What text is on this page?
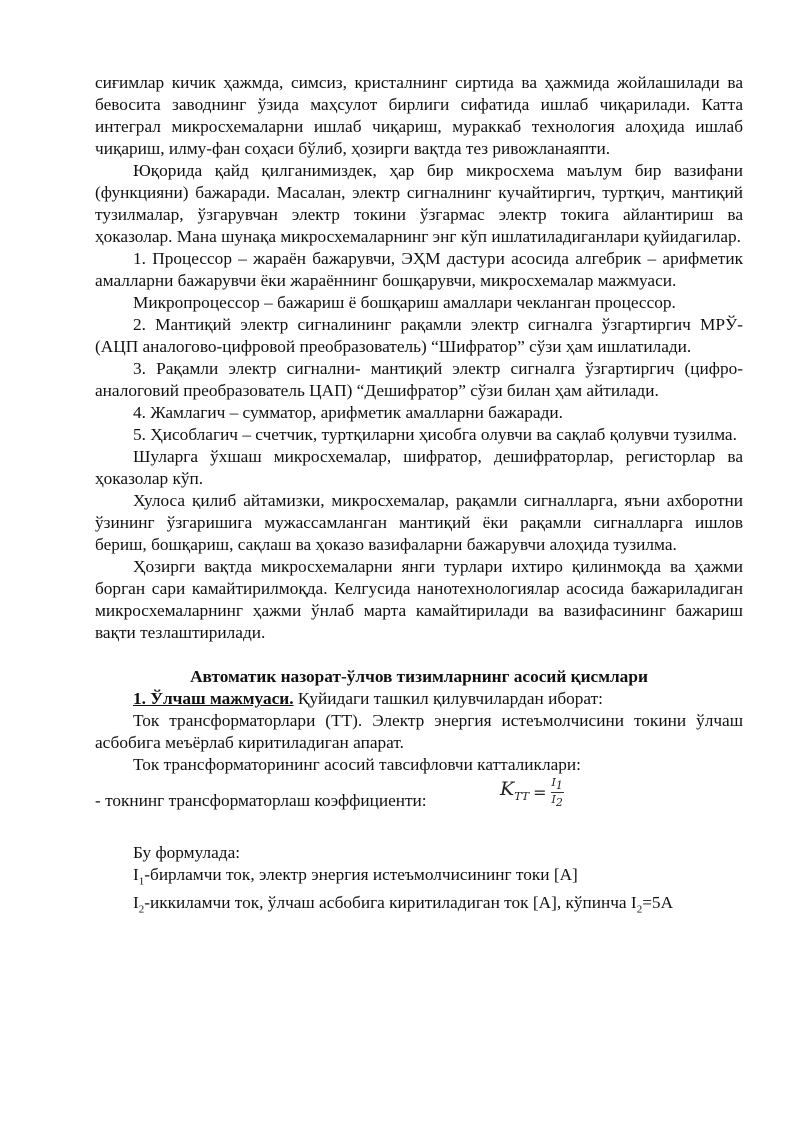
сиғимлар кичик ҳажмда, симсиз, кристалнинг сиртида ва ҳажмида жойлашилади ва бевосита заводнинг ўзида маҳсулот бирлиги сифатида ишлаб чиқарилади. Катта интеграл микросхемаларни ишлаб чиқариш, мураккаб технология алоҳида ишлаб чиқариш, илму-фан соҳаси бўлиб, ҳозирги вақтда тез ривожланаяпти.

Юқорида қайд қилганимиздек, ҳар бир микросхема маълум бир вазифани (функцияни) бажаради. Масалан, электр сигналнинг кучайтиргич, туртқич, мантиқий тузилмалар, ўзгарувчан электр токини ўзгармас электр токига айлантириш ва ҳоказолар. Мана шунақа микросхемаларнинг энг кўп ишлатиладиганлари қуйидагилар.

1. Процессор – жараён бажарувчи, ЭҲМ дастури асосида алгебрик – арифметик амалларни бажарувчи ёки жараённинг бошқарувчи, микросхемалар мажмуаси.

Микропроцессор – бажариш ё бошқариш амаллари чекланган процессор.

2. Мантиқий электр сигналининг рақамли электр сигналга ўзгартиргич МРЎ-(АЦП аналогово-цифровой преобразователь) “Шифратор” сўзи ҳам ишлатилади.

3. Рақамли электр сигнални- мантиқий электр сигналга ўзгартиргич (цифро-аналоговий преобразователь ЦАП) “Дешифратор” сўзи билан ҳам айтилади.

4. Жамлагич – сумматор, арифметик амалларни бажаради.

5. Ҳисоблагич – счетчик, туртқиларни ҳисобга олувчи ва сақлаб қолувчи тузилма.

Шуларга ўхшаш микросхемалар, шифратор, дешифраторлар, регисторлар ва ҳоказолар кўп.

Хулоса қилиб айтамизки, микросхемалар, рақамли сигналларга, яъни ахборотни ўзининг ўзгаришига мужассамланган мантиқий ёки рақамли сигналларга ишлов бериш, бошқариш, сақлаш ва ҳоказо вазифаларни бажарувчи алоҳида тузилма.

Ҳозирги вақтда микросхемаларни янги турлари ихтиро қилинмоқда ва ҳажми борган сари камайтирилмоқда. Келгусида нанотехнологиялар асосида бажариладиган микросхемаларнинг ҳажми ўнлаб марта камайтирилади ва вазифасининг бажариш вақти тезлаштирилади.

Автоматик назорат-ўлчов тизимларнинг асосий қисмлари

1. Ўлчаш мажмуаси. Қуйидаги ташкил қилувчилардан иборат:

Ток трансформаторлари (ТТ). Электр энергия истеъмолчисини токини ўлчаш асбобига меъёрлаб киритиладиган апарат.

Ток трансформаторининг асосий тавсифловчи катталиклари:

- токнинг трансформаторлаш коэффициенти:
$K_{TT} = \frac{I_1}{I_2}$

Бу формулада:

$I_1$-бирламчи ток, электр энергия истеъмолчисининг токи [A]

$I_2$-иккиламчи ток, ўлчаш асбобига киритиладиган ток [A], кўпинча $I_2=5A$
